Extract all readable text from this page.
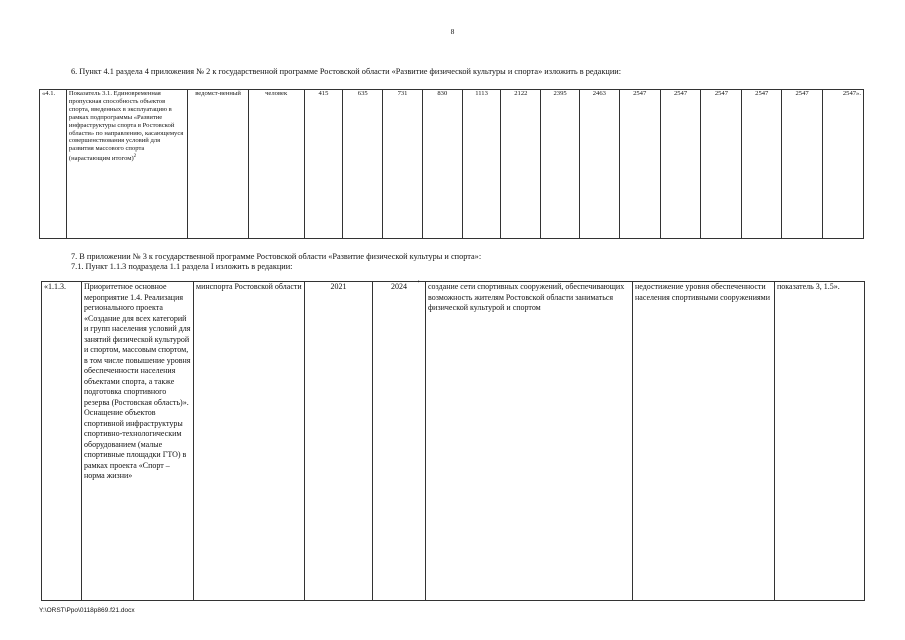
8
6. Пункт 4.1 раздела 4 приложения № 2 к государственной программе Ростовской области «Развитие физической культуры и спорта» изложить в редакции:
«4.1.	Показатель 3.1. Единовременная пропускная способность объектов спорта, введенных в эксплуатацию в рамках подпрограммы «Развитие инфраструктуры спорта в Ростовской области» по направлению, касающемуся совершенствования условий для развития массового спорта (нарастающим итогом)$^2$	ведомст-венный	человек	415	635	731	830	1113	2122	2395	2463	2547	2547	2547	2547	2547	2547».
7. В приложении № 3 к государственной программе Ростовской области «Развитие физической культуры и спорта»:
7.1. Пункт 1.1.3 подраздела 1.1 раздела I изложить в редакции:
«1.1.3.	Приоритетное основное мероприятие 1.4. Реализация регионального проекта «Создание для всех категорий и групп населения условий для занятий физической культурой и спортом, массовым спортом, в том числе повышение уровня обеспеченности населения объектами спорта, а также подготовка спортивного резерва (Ростовская область)». Оснащение объектов спортивной инфраструктуры спортивно-технологическим оборудованием (малые спортивные площадки ГТО) в рамках проекта «Спорт – норма жизни»	минспорта Ростовской области	2021	2024	создание сети спортивных сооружений, обеспечивающих возможность жителям Ростовской области заниматься физической культурой и спортом	недостижение уровня обеспеченности населения спортивными сооружениями	показатель 3, 1.5».
'
Y:\ORST\Ppo\0118p869.f21.docx
